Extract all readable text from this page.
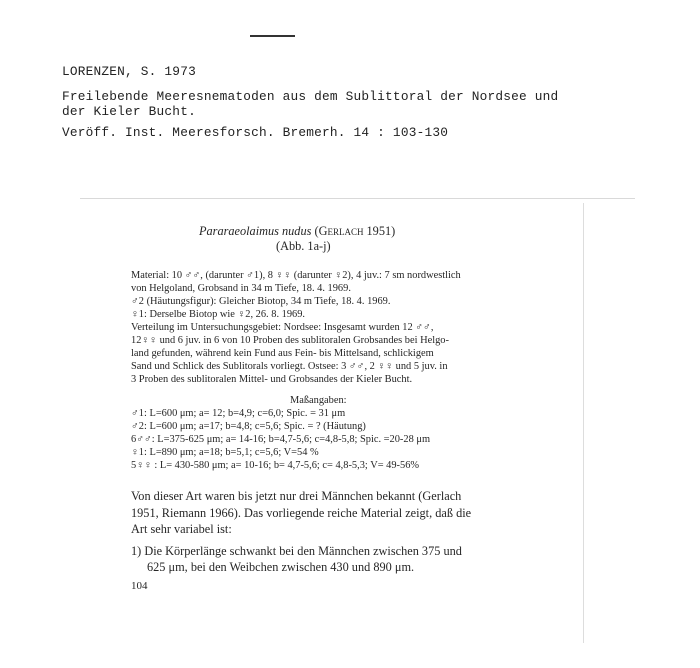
LORENZEN, S. 1973
Freilebende Meeresnematoden aus dem Sublittoral der Nordsee und
der Kieler Bucht.
Veröff. Inst. Meeresforsch. Bremerh. 14 : 103-130
Pararaeolaimus nudus (Gerlach 1951)
(Abb. 1a-j)
Material: 10 ♂♂, (darunter ♂1), 8 ♀♀ (darunter ♀2), 4 juv.: 7 sm nordwestlich
von Helgoland, Grobsand in 34 m Tiefe, 18. 4. 1969.
♂2 (Häutungsfigur): Gleicher Biotop, 34 m Tiefe, 18. 4. 1969.
♀1: Derselbe Biotop wie ♀2, 26. 8. 1969.
Verteilung im Untersuchungsgebiet: Nordsee: Insgesamt wurden 12 ♂♂,
12♀♀ und 6 juv. in 6 von 10 Proben des sublitoralen Grobsandes bei Helgo-
land gefunden, während kein Fund aus Fein- bis Mittelsand, schlickigem
Sand und Schlick des Sublitorals vorliegt. Ostsee: 3 ♂♂, 2 ♀♀ und 5 juv. in
3 Proben des sublitoralen Mittel- und Grobsandes der Kieler Bucht.
Maßangaben:
♂1: L=600 μm; a= 12; b=4,9; c=6,0; Spic. = 31 μm
♂2: L=600 μm; a=17; b=4,8; c=5,6; Spic. = ? (Häutung)
6♂♂: L=375-625 μm; a= 14-16; b=4,7-5,6; c=4,8-5,8; Spic. =20-28 μm
♀1: L=890 μm; a=18; b=5,1; c=5,6; V=54 %
5♀♀ : L= 430-580 μm; a= 10-16; b= 4,7-5,6; c= 4,8-5,3; V= 49-56%
Von dieser Art waren bis jetzt nur drei Männchen bekannt (Gerlach
1951, Riemann 1966). Das vorliegende reiche Material zeigt, daß die
Art sehr variabel ist:
1) Die Körperlänge schwankt bei den Männchen zwischen 375 und
625 μm, bei den Weibchen zwischen 430 und 890 μm.
104
